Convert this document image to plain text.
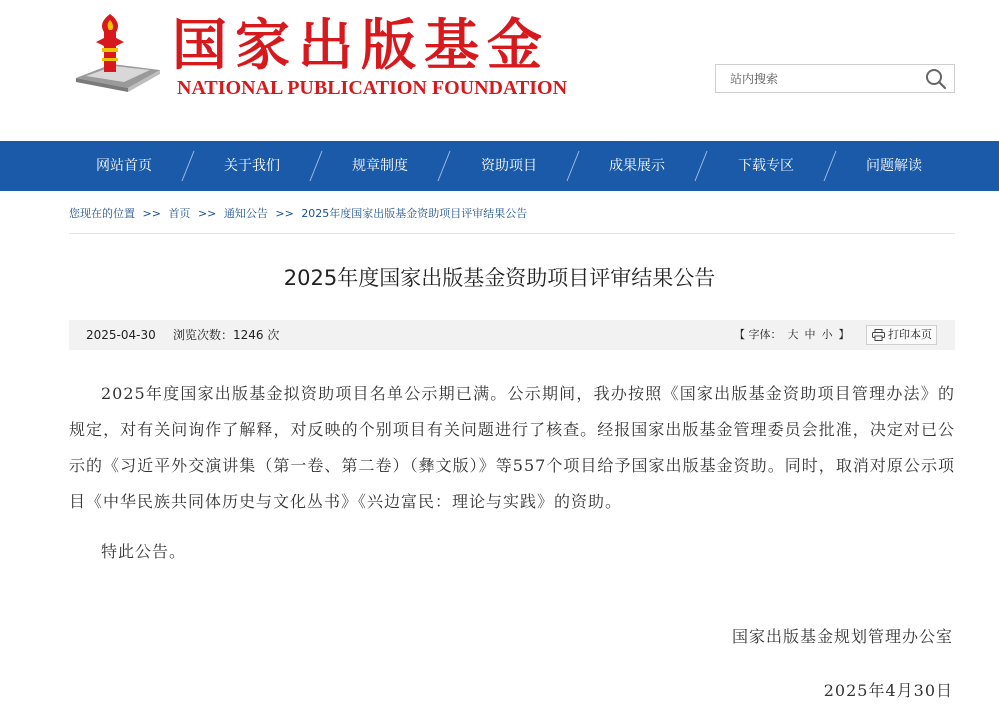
国家出版基金
NATIONAL PUBLICATION FOUNDATION
站内搜索
网站首页	关于我们	规章制度	资助项目	成果展示	下载专区	问题解读
您现在的位置 >> 首页 >> 通知公告 >> 2025年度国家出版基金资助项目评审结果公告
2025年度国家出版基金资助项目评审结果公告
2025-04-30 浏览次数：1246 次	【 字体： 大 中 小 】	打印本页

2025年度国家出版基金拟资助项目名单公示期已满。公示期间，我办按照《国家出版基金资助项目管理办法》的规定，对有关问询作了解释，对反映的个别项目有关问题进行了核查。经报国家出版基金管理委员会批准，决定对已公示的《习近平外交演讲集（第一卷、第二卷）（彝文版）》等557个项目给予国家出版基金资助。同时，取消对原公示项目《中华民族共同体历史与文化丛书》《兴边富民：理论与实践》的资助。

特此公告。

国家出版基金规划管理办公室
2025年4月30日
